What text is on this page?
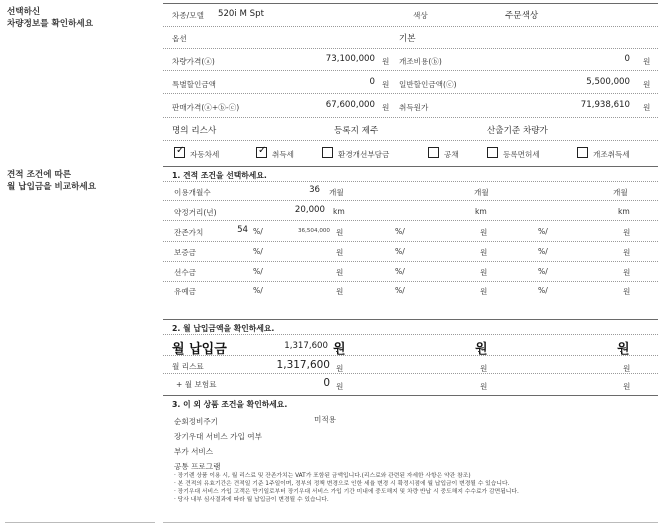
선택하신
차량정보를 확인하세요
견적 조건에 따른
월 납입금을 비교하세요
차종/모델 520i M Spt	색상	주문색상
옵션	기본
차량가격(ⓐ)	73,100,000 원 개조비용(ⓑ)	0 원
특별할인금액	0 원 일반할인금액(ⓒ)	5,500,000 원
판매가격(ⓐ+ⓑ-ⓒ)	67,600,000 원 취득원가	71,938,610 원
명의 리스사	등록지 제주	산출기준 차량가
✓ 자동차세	✓ 취득세	환경개선부담금	공채	등록면허세	개조취득세
1. 견적 조건을 선택하세요.
이용개월수	36 개월	개월	개월
약정거리(년)	20,000 km	km	km
잔존가치	54 %/	36,504,000 원	%/	원	%/	원
보증금	%/	원	%/	원	%/	원
선수금	%/	원	%/	원	%/	원
유예금	%/	원	%/	원	%/	원
2. 월 납입금액을 확인하세요.
월 납입금	1,317,600 원	원	원
월 리스료	1,317,600 원	원	원
+ 월 보험료	0 원	원	원
3. 이 외 상품 조건을 확인하세요.
순회정비주기	미적용
장기우대 서비스 가입 여부
부가 서비스
공통 프로그램
· 장기렌 상품 이용 시, 월 리스료 및 잔존가치는 VAT가 포함된 금액입니다.(리스료와 관련된 자세한 사항은 약관 참조)
· 본 견적의 유효기간은 견적일 기준 1주일이며, 정부의 정책 변경으로 인한 세율 변경 시 확정시점에 월 납입금이 변경될 수 있습니다.
· 장기우대 서비스 가입 고객은 만기일로부터 장기우대 서비스 가입 기간 미내에 중도해지 및 차량 반납 시 중도해지 수수료가 감면됩니다.
· 당사 내부 심사결과에 따라 월 납입금이 변경될 수 있습니다.
